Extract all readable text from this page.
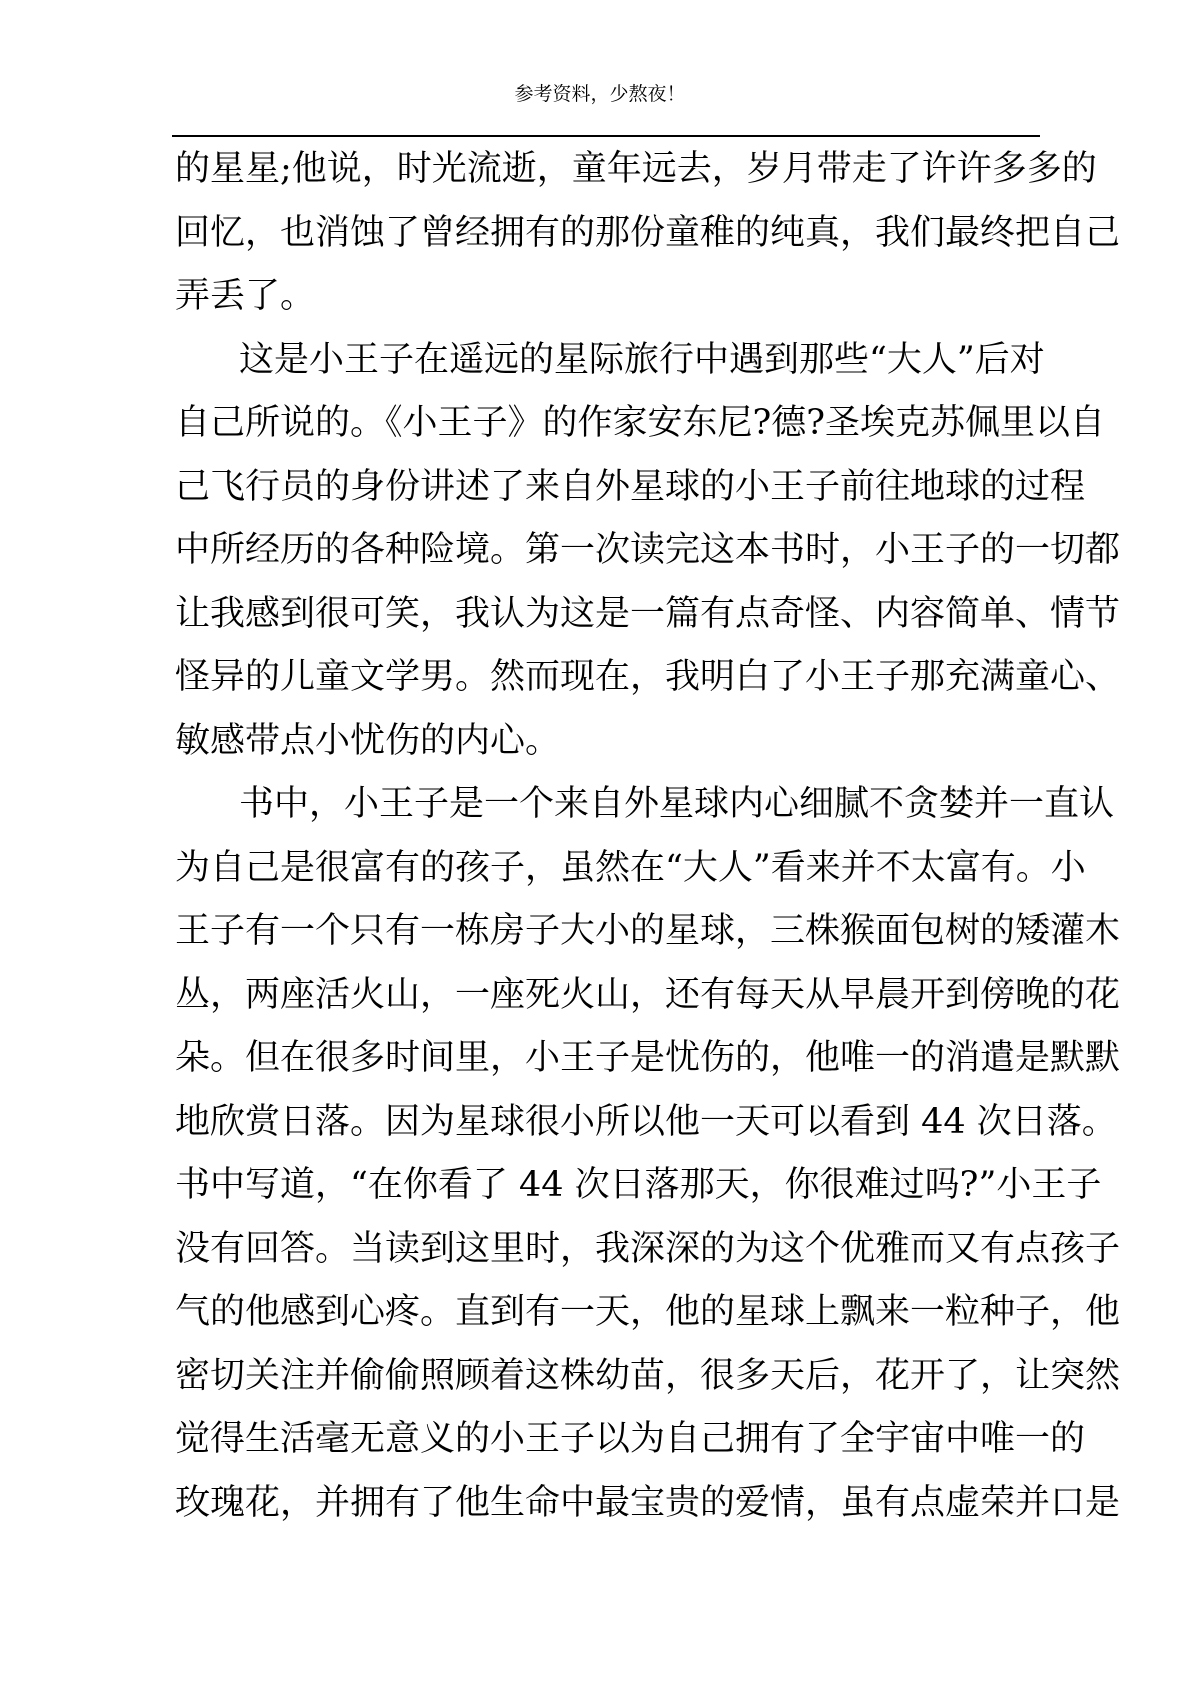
参考资料，少熬夜！
的星星;他说，时光流逝，童年远去，岁月带走了许许多多的
回忆，也消蚀了曾经拥有的那份童稚的纯真，我们最终把自己
弄丢了。
这是小王子在遥远的星际旅行中遇到那些“大人”后对
自己所说的。《小王子》的作家安东尼?德?圣埃克苏佩里以自
己飞行员的身份讲述了来自外星球的小王子前往地球的过程
中所经历的各种险境。第一次读完这本书时，小王子的一切都
让我感到很可笑，我认为这是一篇有点奇怪、内容简单、情节
怪异的儿童文学男。然而现在，我明白了小王子那充满童心、
敏感带点小忧伤的内心。
书中，小王子是一个来自外星球内心细腻不贪婪并一直认
为自己是很富有的孩子，虽然在“大人”看来并不太富有。小
王子有一个只有一栋房子大小的星球，三株猴面包树的矮灌木
丛，两座活火山，一座死火山，还有每天从早晨开到傍晚的花
朵。但在很多时间里，小王子是忧伤的，他唯一的消遣是默默
地欣赏日落。因为星球很小所以他一天可以看到 44 次日落。
书中写道，“在你看了 44 次日落那天，你很难过吗?”小王子
没有回答。当读到这里时，我深深的为这个优雅而又有点孩子
气的他感到心疼。直到有一天，他的星球上飘来一粒种子，他
密切关注并偷偷照顾着这株幼苗，很多天后，花开了，让突然
觉得生活毫无意义的小王子以为自己拥有了全宇宙中唯一的
玫瑰花，并拥有了他生命中最宝贵的爱情，虽有点虚荣并口是
